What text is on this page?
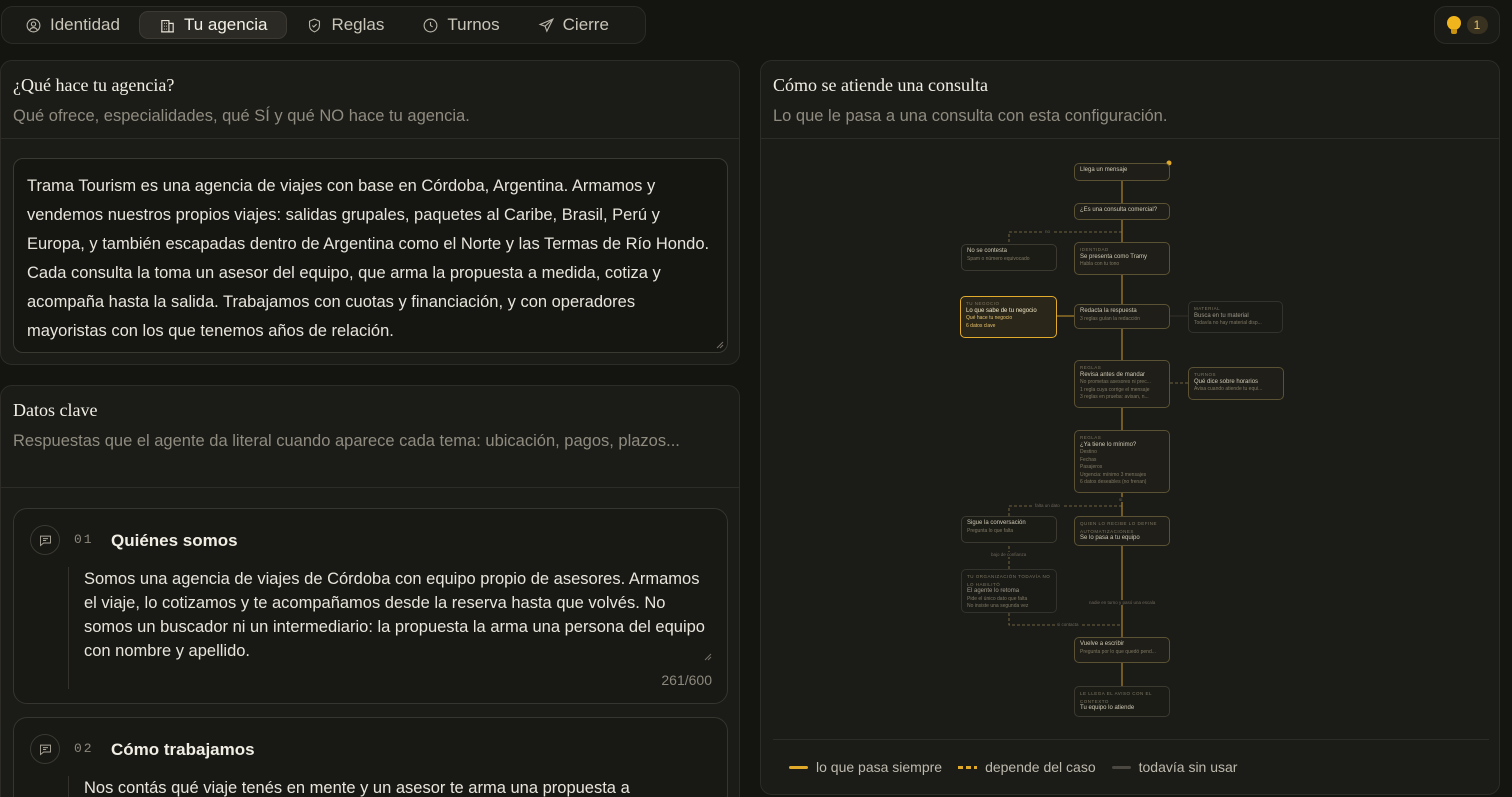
Identidad	Tu agencia	Reglas	Turnos	Cierre	1
¿Qué hace tu agencia?
Qué ofrece, especialidades, qué SÍ y qué NO hace tu agencia.
Trama Tourism es una agencia de viajes con base en Córdoba, Argentina. Armamos y vendemos nuestros propios viajes: salidas grupales, paquetes al Caribe, Brasil, Perú y Europa, y también escapadas dentro de Argentina como el Norte y las Termas de Río Hondo. Cada consulta la toma un asesor del equipo, que arma la propuesta a medida, cotiza y acompaña hasta la salida. Trabajamos con cuotas y financiación, y con operadores mayoristas con los que tenemos años de relación.
Datos clave
Respuestas que el agente da literal cuando aparece cada tema: ubicación, pagos, plazos...
01 Quiénes somos
Somos una agencia de viajes de Córdoba con equipo propio de asesores. Armamos el viaje, lo cotizamos y te acompañamos desde la reserva hasta que volvés. No somos un buscador ni un intermediario: la propuesta la arma una persona del equipo con nombre y apellido.
261/600
02 Cómo trabajamos
Nos contás qué viaje tenés en mente y un asesor te arma una propuesta a
Cómo se atiende una consulta
Lo que le pasa a una consulta con esta configuración.
no
sí
falta un dato
bajo de confianza
nadie en turno y pasó una escala
si contacta
Llega un mensaje
¿Es una consulta comercial?
No se contesta
Spam o número equivocado
IDENTIDAD
Se presenta como Tramy
Habla con tu tono
TU NEGOCIO
Lo que sabe de tu negocio
Qué hace tu negocio
6 datos clave
Redacta la respuesta
3 reglas guían la redacción
MATERIAL
Busca en tu material
Todavía no hay material disp...
REGLAS
Revisa antes de mandar
No prometas asesores ni prec...
1 regla cuya corrige el mensaje
3 reglas en prueba: avisan, n...
TURNOS
Qué dice sobre horarios
Avisa cuando atiende tu equi...
REGLAS
¿Ya tiene lo mínimo?
Destino
Fechas
Pasajeros
Urgencia: mínimo 3 mensajes
6 datos deseables (no frenan)
Sigue la conversación
Pregunta lo que falta
QUIEN LO RECIBE LO DEFINE AUTOMATIZACIONES
Se lo pasa a tu equipo
TU ORGANIZACIÓN TODAVÍA NO LO HABILITÓ
El agente lo retoma
Pide el único dato que falta
No insiste una segunda vez
Vuelve a escribir
Pregunta por lo que quedó pend...
LE LLEGA EL AVISO CON EL CONTEXTO
Tu equipo lo atiende
lo que pasa siempre	depende del caso	todavía sin usar
